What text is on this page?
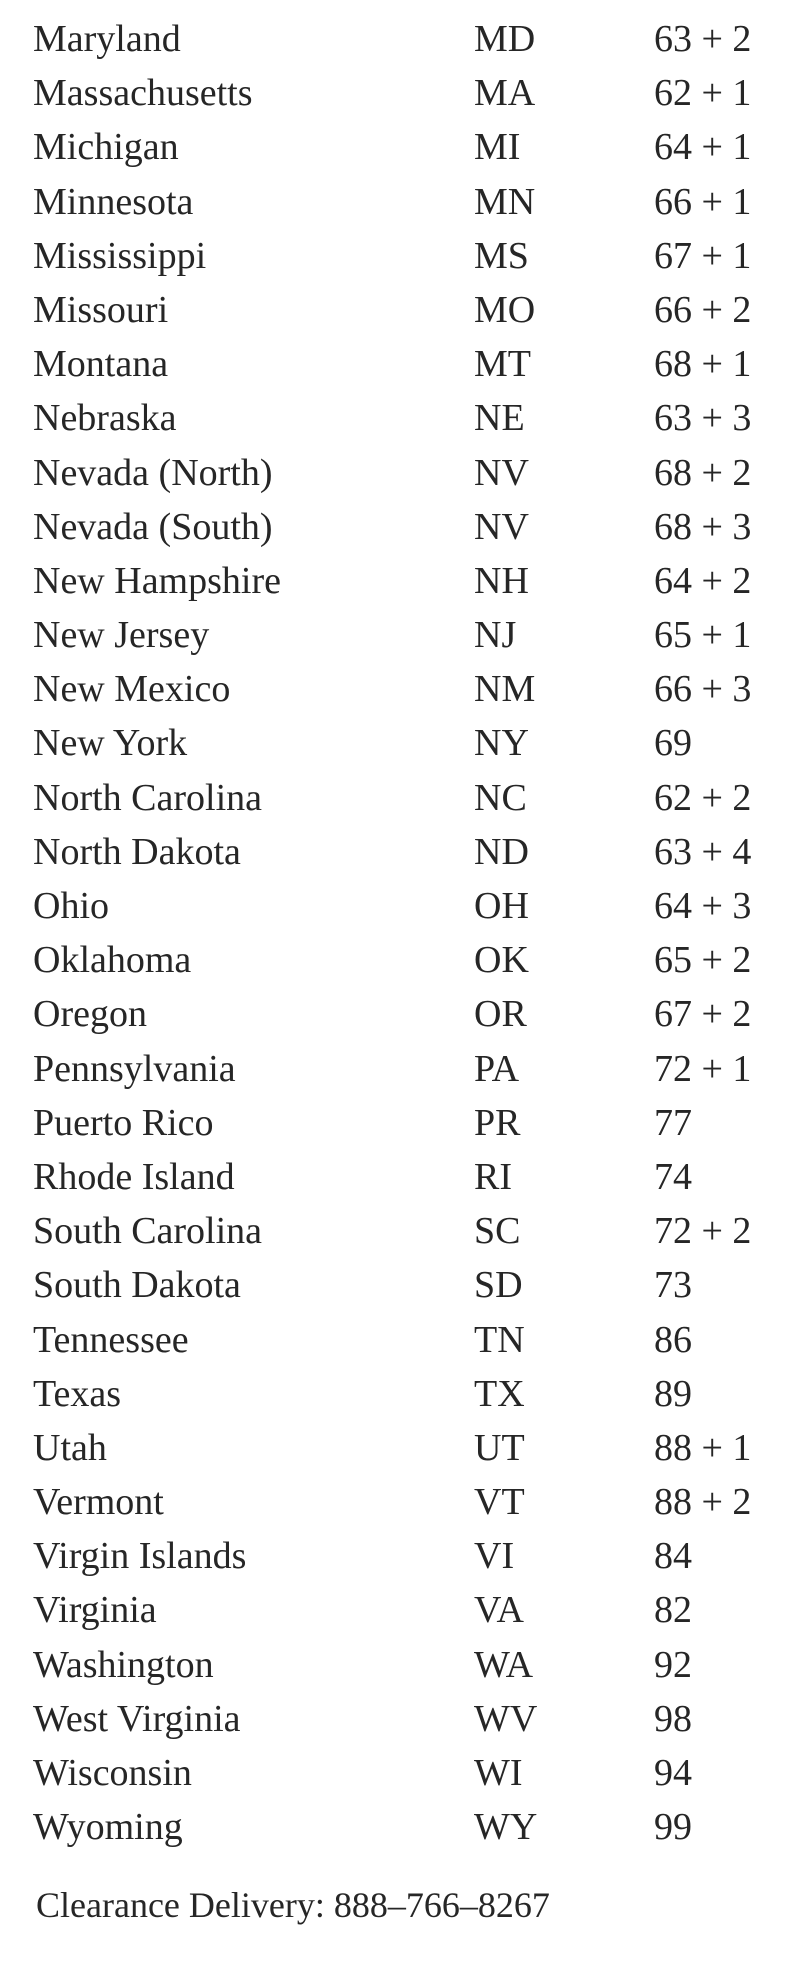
Maryland	MD	63 + 2
Massachusetts	MA	62 + 1
Michigan	MI	64 + 1
Minnesota	MN	66 + 1
Mississippi	MS	67 + 1
Missouri	MO	66 + 2
Montana	MT	68 + 1
Nebraska	NE	63 + 3
Nevada (North)	NV	68 + 2
Nevada (South)	NV	68 + 3
New Hampshire	NH	64 + 2
New Jersey	NJ	65 + 1
New Mexico	NM	66 + 3
New York	NY	69
North Carolina	NC	62 + 2
North Dakota	ND	63 + 4
Ohio	OH	64 + 3
Oklahoma	OK	65 + 2
Oregon	OR	67 + 2
Pennsylvania	PA	72 + 1
Puerto Rico	PR	77
Rhode Island	RI	74
South Carolina	SC	72 + 2
South Dakota	SD	73
Tennessee	TN	86
Texas	TX	89
Utah	UT	88 + 1
Vermont	VT	88 + 2
Virgin Islands	VI	84
Virginia	VA	82
Washington	WA	92
West Virginia	WV	98
Wisconsin	WI	94
Wyoming	WY	99
Clearance Delivery: 888–766–8267
